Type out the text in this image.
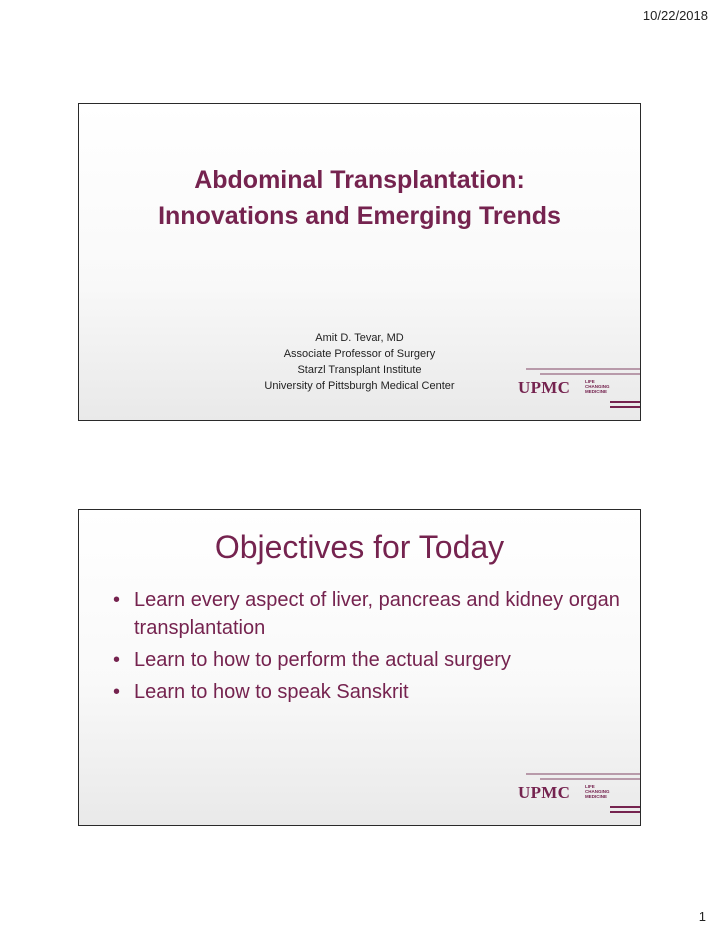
10/22/2018
Abdominal Transplantation:
Innovations and Emerging Trends
Amit D. Tevar, MD
Associate Professor of Surgery
Starzl Transplant Institute
University of Pittsburgh Medical Center	UPMC	LIFE
CHANGING
MEDICINE
Objectives for Today
• Learn every aspect of liver, pancreas and kidney organ transplantation
• Learn to how to perform the actual surgery
• Learn to how to speak Sanskrit
UPMC	LIFE
CHANGING
MEDICINE
1
